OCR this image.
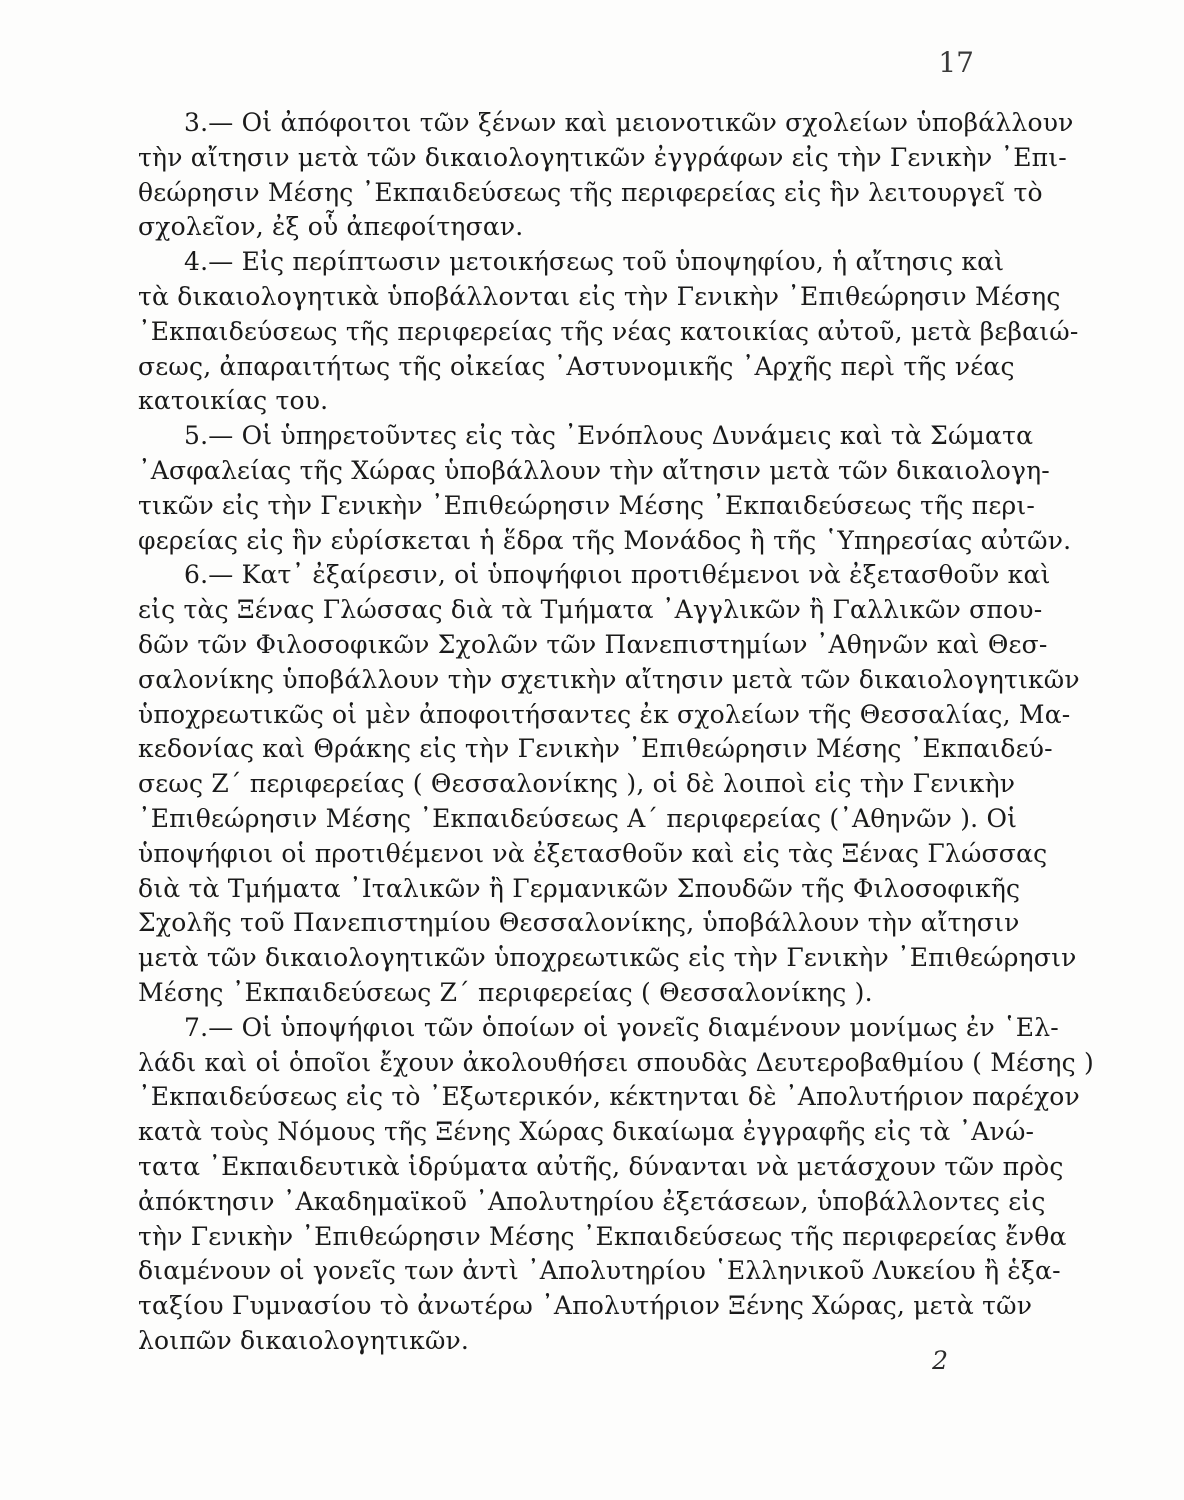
17
3.— Οἱ ἀπόφοιτοι τῶν ξένων καὶ μειονοτικῶν σχολείων ὑποβάλλουν
τὴν αἴτησιν μετὰ τῶν δικαιολογητικῶν ἐγγράφων εἰς τὴν Γενικὴν ᾿Επι-
θεώρησιν Μέσης ᾿Εκπαιδεύσεως τῆς περιφερείας εἰς ἣν λειτουργεῖ τὸ
σχολεῖον, ἐξ οὗ ἀπεφοίτησαν.
4.— Εἰς περίπτωσιν μετοικήσεως τοῦ ὑποψηφίου, ἡ αἴτησις καὶ
τὰ δικαιολογητικὰ ὑποβάλλονται εἰς τὴν Γενικὴν ᾿Επιθεώρησιν Μέσης
᾿Εκπαιδεύσεως τῆς περιφερείας τῆς νέας κατοικίας αὐτοῦ, μετὰ βεβαιώ-
σεως, ἀπαραιτήτως τῆς οἰκείας ᾿Αστυνομικῆς ᾿Αρχῆς περὶ τῆς νέας
κατοικίας του.
5.— Οἱ ὑπηρετοῦντες εἰς τὰς ᾿Ενόπλους Δυνάμεις καὶ τὰ Σώματα
᾿Ασφαλείας τῆς Χώρας ὑποβάλλουν τὴν αἴτησιν μετὰ τῶν δικαιολογη-
τικῶν εἰς τὴν Γενικὴν ᾿Επιθεώρησιν Μέσης ᾿Εκπαιδεύσεως τῆς περι-
φερείας εἰς ἣν εὑρίσκεται ἡ ἕδρα τῆς Μονάδος ἢ τῆς ῾Υπηρεσίας αὐτῶν.
6.— Κατ᾿ ἐξαίρεσιν, οἱ ὑποψήφιοι προτιθέμενοι νὰ ἐξετασθοῦν καὶ
εἰς τὰς Ξένας Γλώσσας διὰ τὰ Τμήματα ᾿Αγγλικῶν ἢ Γαλλικῶν σπου-
δῶν τῶν Φιλοσοφικῶν Σχολῶν τῶν Πανεπιστημίων ᾿Αθηνῶν καὶ Θεσ-
σαλονίκης ὑποβάλλουν τὴν σχετικὴν αἴτησιν μετὰ τῶν δικαιολογητικῶν
ὑποχρεωτικῶς οἱ μὲν ἀποφοιτήσαντες ἐκ σχολείων τῆς Θεσσαλίας, Μα-
κεδονίας καὶ Θράκης εἰς τὴν Γενικὴν ᾿Επιθεώρησιν Μέσης ᾿Εκπαιδεύ-
σεως Ζ΄ περιφερείας ( Θεσσαλονίκης ), οἱ δὲ λοιποὶ εἰς τὴν Γενικὴν
᾿Επιθεώρησιν Μέσης ᾿Εκπαιδεύσεως Α΄ περιφερείας (᾿Αθηνῶν ). Οἱ
ὑποψήφιοι οἱ προτιθέμενοι νὰ ἐξετασθοῦν καὶ εἰς τὰς Ξένας Γλώσσας
διὰ τὰ Τμήματα ᾿Ιταλικῶν ἢ Γερμανικῶν Σπουδῶν τῆς Φιλοσοφικῆς
Σχολῆς τοῦ Πανεπιστημίου Θεσσαλονίκης, ὑποβάλλουν τὴν αἴτησιν
μετὰ τῶν δικαιολογητικῶν ὑποχρεωτικῶς εἰς τὴν Γενικὴν ᾿Επιθεώρησιν
Μέσης ᾿Εκπαιδεύσεως Ζ΄ περιφερείας ( Θεσσαλονίκης ).
7.— Οἱ ὑποψήφιοι τῶν ὁποίων οἱ γονεῖς διαμένουν μονίμως ἐν ῾Ελ-
λάδι καὶ οἱ ὁποῖοι ἔχουν ἀκολουθήσει σπουδὰς Δευτεροβαθμίου ( Μέσης )
᾿Εκπαιδεύσεως εἰς τὸ ᾿Εξωτερικόν, κέκτηνται δὲ ᾿Απολυτήριον παρέχον
κατὰ τοὺς Νόμους τῆς Ξένης Χώρας δικαίωμα ἐγγραφῆς εἰς τὰ ᾿Ανώ-
τατα ᾿Εκπαιδευτικὰ ἱδρύματα αὐτῆς, δύνανται νὰ μετάσχουν τῶν πρὸς
ἀπόκτησιν ᾿Ακαδημαϊκοῦ ᾿Απολυτηρίου ἐξετάσεων, ὑποβάλλοντες εἰς
τὴν Γενικὴν ᾿Επιθεώρησιν Μέσης ᾿Εκπαιδεύσεως τῆς περιφερείας ἔνθα
διαμένουν οἱ γονεῖς των ἀντὶ ᾿Απολυτηρίου ῾Ελληνικοῦ Λυκείου ἢ ἑξα-
ταξίου Γυμνασίου τὸ ἀνωτέρω ᾿Απολυτήριον Ξένης Χώρας, μετὰ τῶν
λοιπῶν δικαιολογητικῶν.
2
